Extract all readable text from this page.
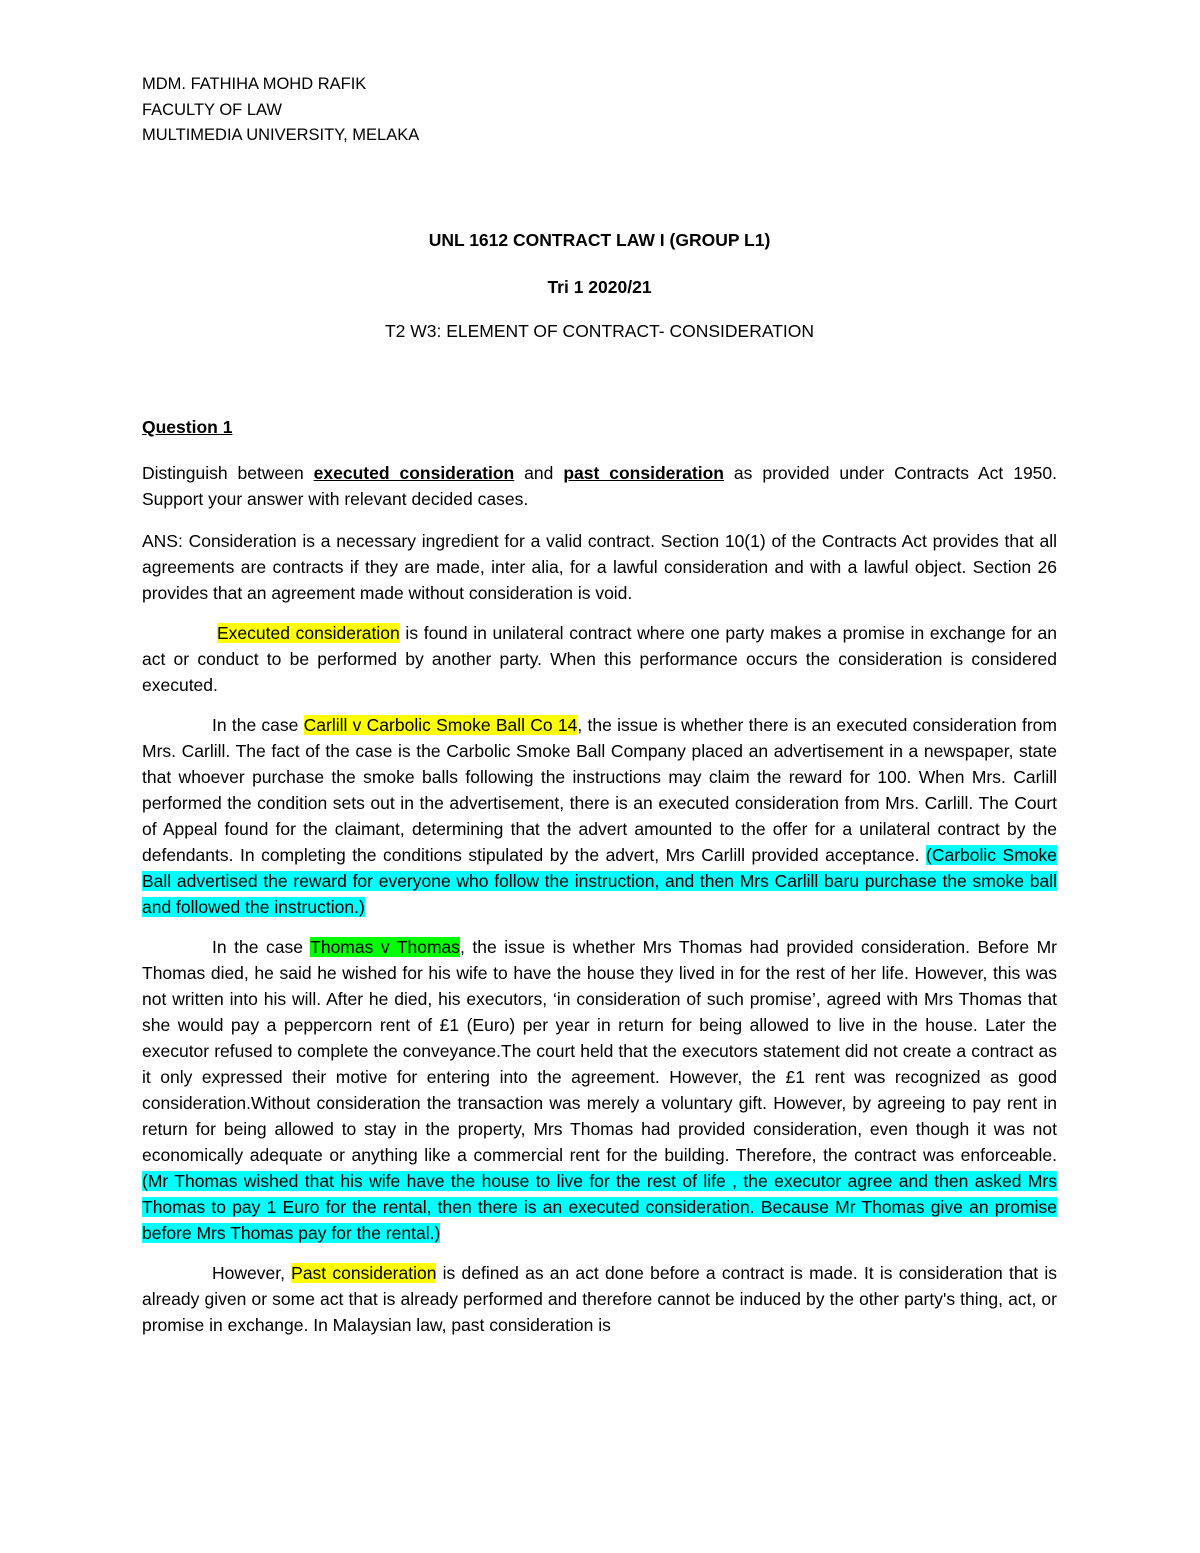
MDM. FATHIHA MOHD RAFIK
FACULTY OF LAW
MULTIMEDIA UNIVERSITY, MELAKA

UNL 1612 CONTRACT LAW I (GROUP L1)

Tri 1 2020/21

T2 W3: ELEMENT OF CONTRACT- CONSIDERATION

Question 1

Distinguish between executed consideration and past consideration as provided under Contracts Act 1950. Support your answer with relevant decided cases.

ANS: Consideration is a necessary ingredient for a valid contract. Section 10(1) of the Contracts Act provides that all agreements are contracts if they are made, inter alia, for a lawful consideration and with a lawful object. Section 26 provides that an agreement made without consideration is void.

Executed consideration is found in unilateral contract where one party makes a promise in exchange for an act or conduct to be performed by another party. When this performance occurs the consideration is considered executed.

In the case Carlill v Carbolic Smoke Ball Co 14, the issue is whether there is an executed consideration from Mrs. Carlill. The fact of the case is the Carbolic Smoke Ball Company placed an advertisement in a newspaper, state that whoever purchase the smoke balls following the instructions may claim the reward for 100. When Mrs. Carlill performed the condition sets out in the advertisement, there is an executed consideration from Mrs. Carlill. The Court of Appeal found for the claimant, determining that the advert amounted to the offer for a unilateral contract by the defendants. In completing the conditions stipulated by the advert, Mrs Carlill provided acceptance. (Carbolic Smoke Ball advertised the reward for everyone who follow the instruction, and then Mrs Carlill baru purchase the smoke ball and followed the instruction.)

In the case Thomas v Thomas, the issue is whether Mrs Thomas had provided consideration. Before Mr Thomas died, he said he wished for his wife to have the house they lived in for the rest of her life. However, this was not written into his will. After he died, his executors, ‘in consideration of such promise’, agreed with Mrs Thomas that she would pay a peppercorn rent of £1 (Euro) per year in return for being allowed to live in the house. Later the executor refused to complete the conveyance.The court held that the executors statement did not create a contract as it only expressed their motive for entering into the agreement. However, the £1 rent was recognized as good consideration.Without consideration the transaction was merely a voluntary gift. However, by agreeing to pay rent in return for being allowed to stay in the property, Mrs Thomas had provided consideration, even though it was not economically adequate or anything like a commercial rent for the building. Therefore, the contract was enforceable. (Mr Thomas wished that his wife have the house to live for the rest of life , the executor agree and then asked Mrs Thomas to pay 1 Euro for the rental, then there is an executed consideration. Because Mr Thomas give an promise before Mrs Thomas pay for the rental.)

However, Past consideration is defined as an act done before a contract is made. It is consideration that is already given or some act that is already performed and therefore cannot be induced by the other party's thing, act, or promise in exchange. In Malaysian law, past consideration is
